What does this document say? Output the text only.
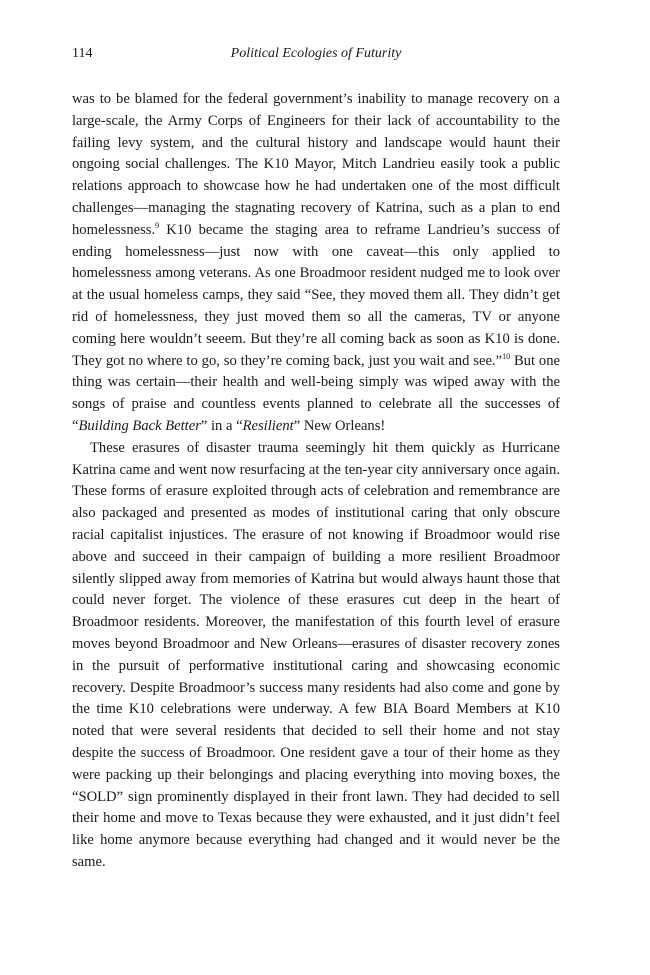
114	Political Ecologies of Futurity

was to be blamed for the federal government’s inability to manage recovery on a large-scale, the Army Corps of Engineers for their lack of accountability to the failing levy system, and the cultural history and landscape would haunt their ongoing social challenges. The K10 Mayor, Mitch Landrieu easily took a public relations approach to showcase how he had undertaken one of the most difficult challenges—managing the stagnating recovery of Katrina, such as a plan to end homelessness.$^9$ K10 became the staging area to reframe Landrieu’s success of ending homelessness—just now with one caveat—this only applied to homelessness among veterans. As one Broadmoor resident nudged me to look over at the usual homeless camps, they said “See, they moved them all. They didn’t get rid of homelessness, they just moved them so all the cameras, TV or anyone coming here wouldn’t seeem. But they’re all coming back as soon as K10 is done. They got no where to go, so they’re coming back, just you wait and see.”$^{10}$ But one thing was certain—their health and well-being simply was wiped away with the songs of praise and countless events planned to celebrate all the successes of “Building Back Better” in a “Resilient” New Orleans!

These erasures of disaster trauma seemingly hit them quickly as Hurricane Katrina came and went now resurfacing at the ten-year city anniversary once again. These forms of erasure exploited through acts of celebration and remembrance are also packaged and presented as modes of institutional caring that only obscure racial capitalist injustices. The erasure of not knowing if Broadmoor would rise above and succeed in their campaign of building a more resilient Broadmoor silently slipped away from memories of Katrina but would always haunt those that could never forget. The violence of these erasures cut deep in the heart of Broadmoor residents. Moreover, the manifestation of this fourth level of erasure moves beyond Broadmoor and New Orleans—erasures of disaster recovery zones in the pursuit of performative institutional caring and showcasing economic recovery. Despite Broadmoor’s success many residents had also come and gone by the time K10 celebrations were underway. A few BIA Board Members at K10 noted that were several residents that decided to sell their home and not stay despite the success of Broadmoor. One resident gave a tour of their home as they were packing up their belongings and placing everything into moving boxes, the “SOLD” sign prominently displayed in their front lawn. They had decided to sell their home and move to Texas because they were exhausted, and it just didn’t feel like home anymore because everything had changed and it would never be the same.
